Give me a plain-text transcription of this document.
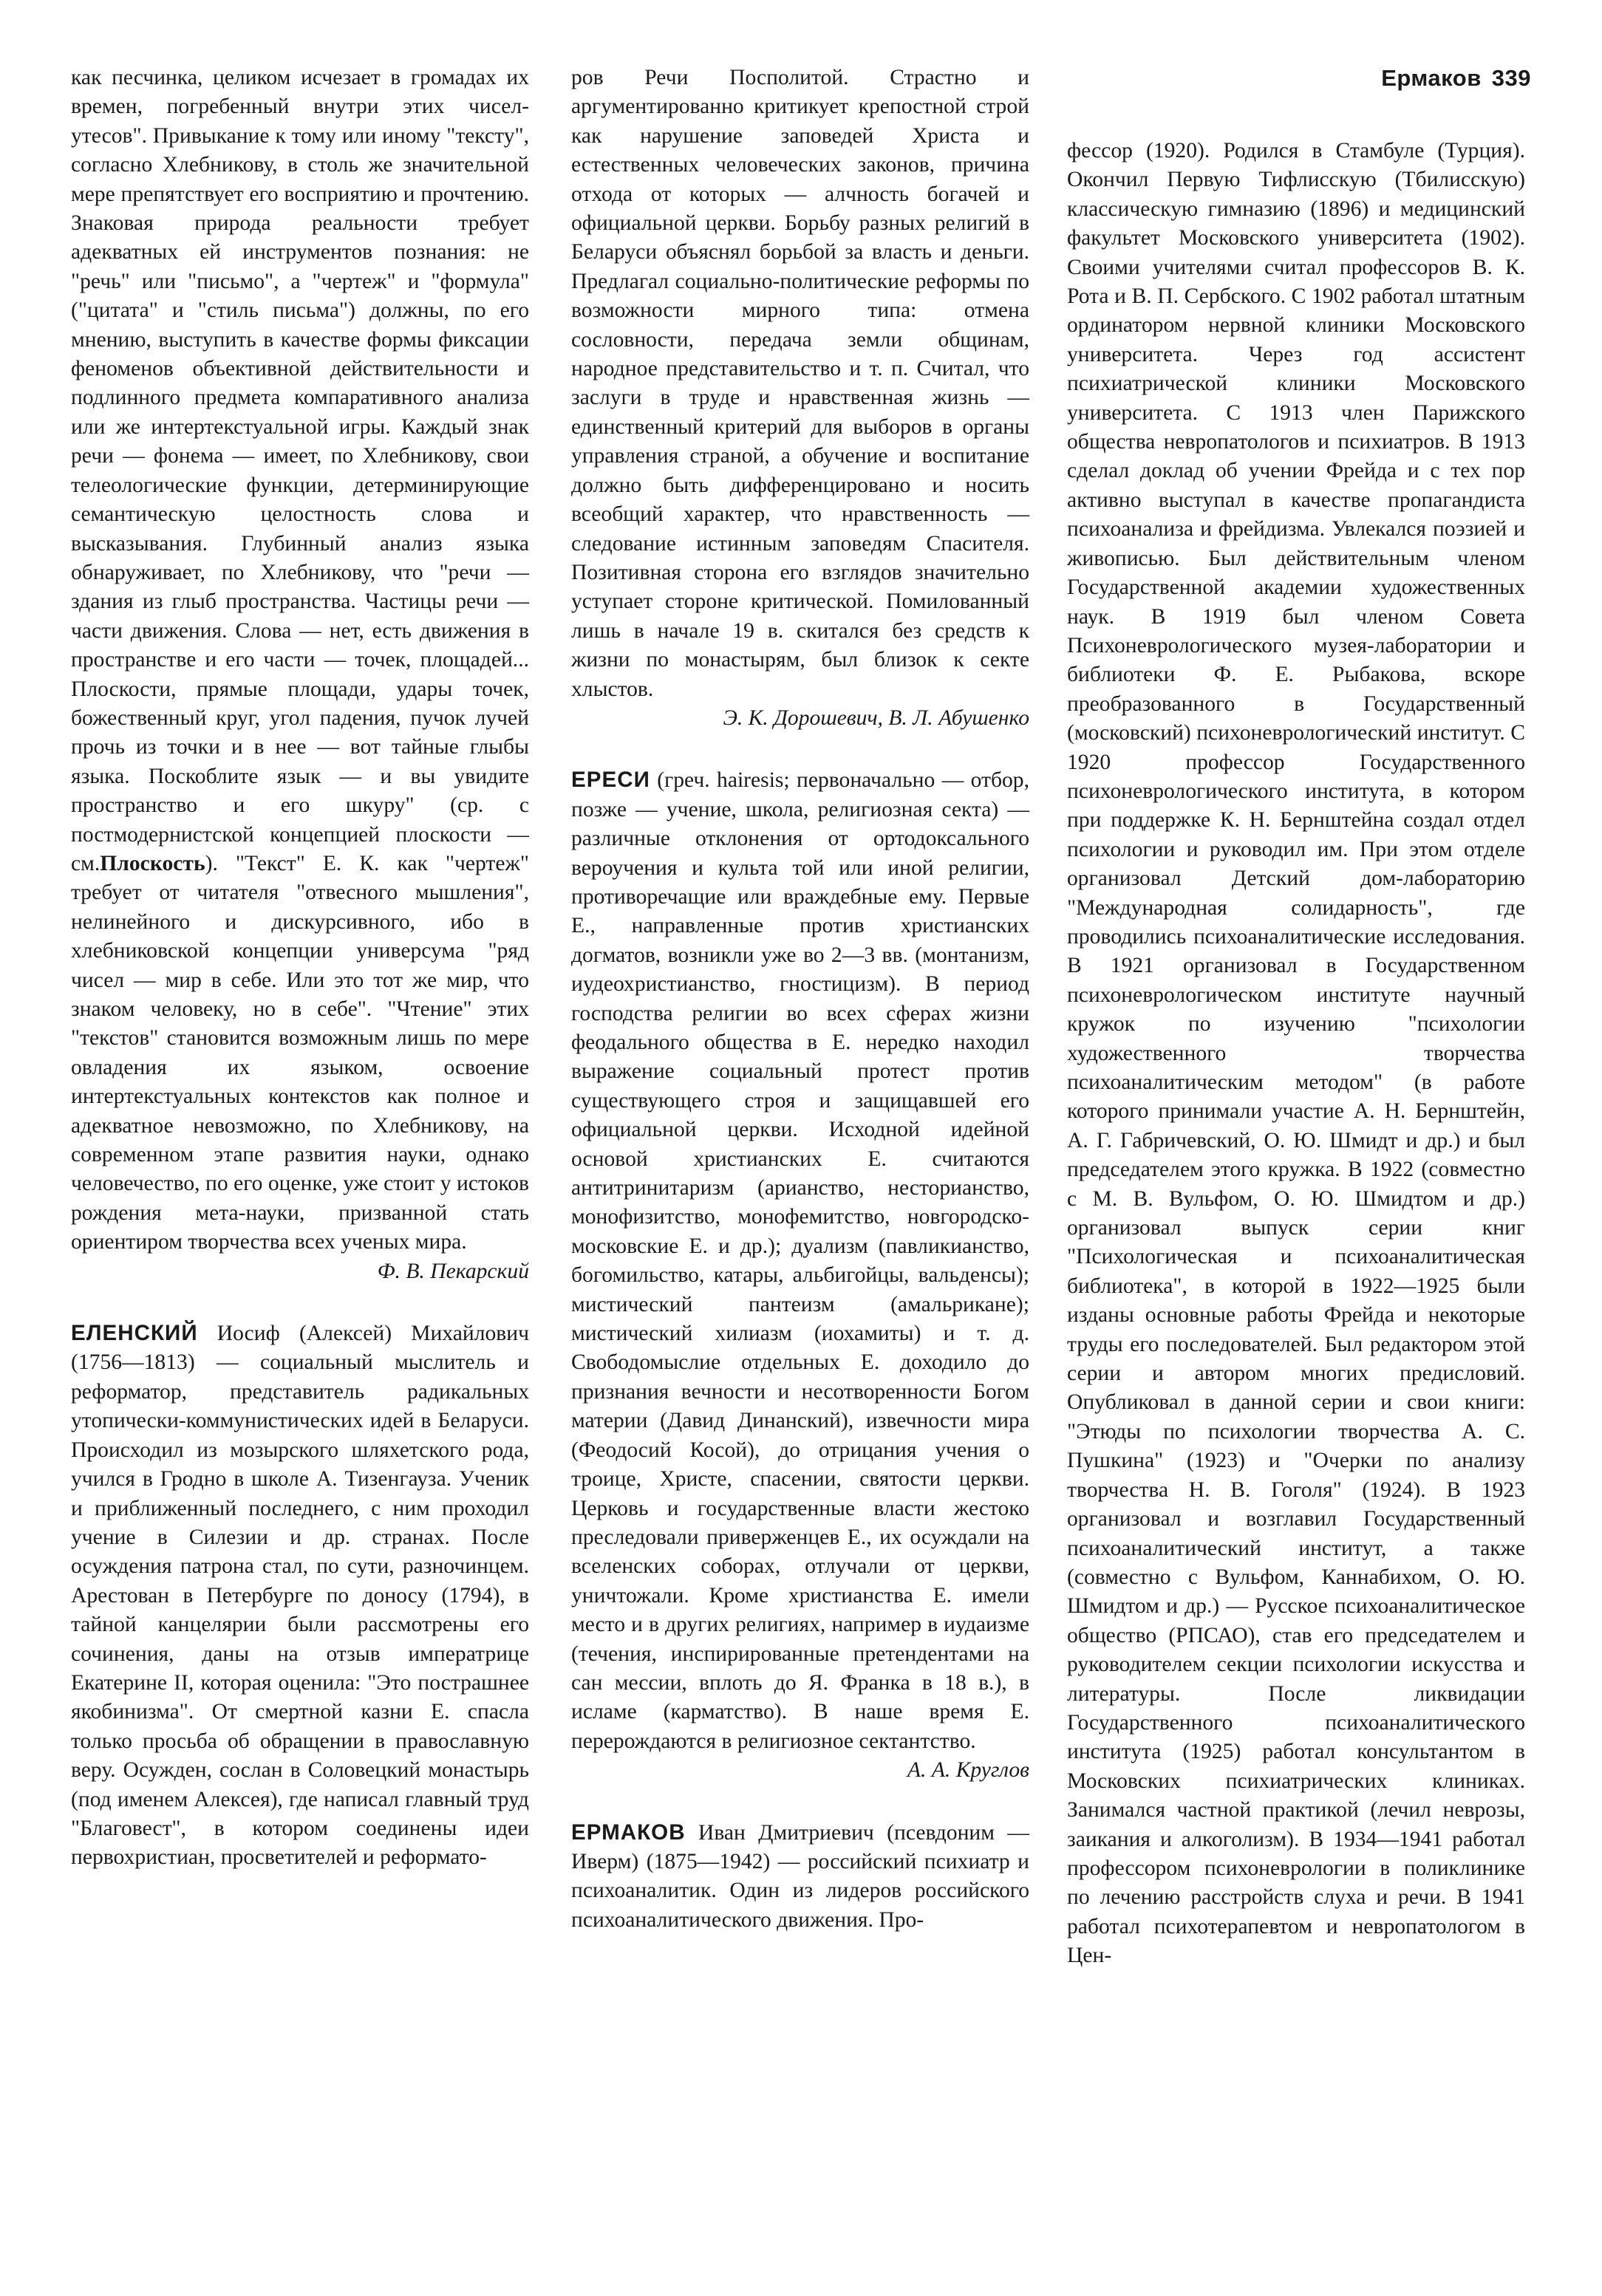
Ермаков 339

как песчинка, целиком исчезает в громадах их времен, погребенный внутри этих чисел-утесов". Привыкание к тому или иному "тексту", согласно Хлебникову, в столь же значительной мере препятствует его восприятию и прочтению. Знаковая природа реальности требует адекватных ей инструментов познания: не "речь" или "письмо", а "чертеж" и "формула" ("цитата" и "стиль письма") должны, по его мнению, выступить в качестве формы фиксации феноменов объективной действительности и подлинного предмета компаративного анализа или же интертекстуальной игры. Каждый знак речи — фонема — имеет, по Хлебникову, свои телеологические функции, детерминирующие семантическую целостность слова и высказывания. Глубинный анализ языка обнаруживает, по Хлебникову, что "речи — здания из глыб пространства. Частицы речи — части движения. Слова — нет, есть движения в пространстве и его части — точек, площадей... Плоскости, прямые площади, удары точек, божественный круг, угол падения, пучок лучей прочь из точки и в нее — вот тайные глыбы языка. Поскоблите язык — и вы увидите пространство и его шкуру" (ср. с постмодернистской концепцией плоскости — см.Плоскость). "Текст" Е. К. как "чертеж" требует от читателя "отвесного мышления", нелинейного и дискурсивного, ибо в хлебниковской концепции универсума "ряд чисел — мир в себе. Или это тот же мир, что знаком человеку, но в себе". "Чтение" этих "текстов" становится возможным лишь по мере овладения их языком, освоение интертекстуальных контекстов как полное и адекватное невозможно, по Хлебникову, на современном этапе развития науки, однако человечество, по его оценке, уже стоит у истоков рождения мета-науки, призванной стать ориентиром творчества всех ученых мира.

Ф. В. Пекарский

ЕЛЕНСКИЙ Иосиф (Алексей) Михайлович (1756—1813) — социальный мыслитель и реформатор, представитель радикальных утопически-коммунистических идей в Беларуси. Происходил из мозырского шляхетского рода, учился в Гродно в школе А. Тизенгауза. Ученик и приближенный последнего, с ним проходил учение в Силезии и др. странах. После осуждения патрона стал, по сути, разночинцем. Арестован в Петербурге по доносу (1794), в тайной канцелярии были рассмотрены его сочинения, даны на отзыв императрице Екатерине II, которая оценила: "Это пострашнее якобинизма". От смертной казни Е. спасла только просьба об обращении в православную веру. Осужден, сослан в Соловецкий монастырь (под именем Алексея), где написал главный труд "Благовест", в котором соединены идеи первохристиан, просветителей и реформато-

ров Речи Посполитой. Страстно и аргументированно критикует крепостной строй как нарушение заповедей Христа и естественных человеческих законов, причина отхода от которых — алчность богачей и официальной церкви. Борьбу разных религий в Беларуси объяснял борьбой за власть и деньги. Предлагал социально-политические реформы по возможности мирного типа: отмена сословности, передача земли общинам, народное представительство и т. п. Считал, что заслуги в труде и нравственная жизнь — единственный критерий для выборов в органы управления страной, а обучение и воспитание должно быть дифференцировано и носить всеобщий характер, что нравственность — следование истинным заповедям Спасителя. Позитивная сторона его взглядов значительно уступает стороне критической. Помилованный лишь в начале 19 в. скитался без средств к жизни по монастырям, был близок к секте хлыстов.

Э. К. Дорошевич, В. Л. Абушенко

ЕРЕСИ (греч. hairesis; первоначально — отбор, позже — учение, школа, религиозная секта) — различные отклонения от ортодоксального вероучения и культа той или иной религии, противоречащие или враждебные ему. Первые Е., направленные против христианских догматов, возникли уже во 2—3 вв. (монтанизм, иудеохристианство, гностицизм). В период господства религии во всех сферах жизни феодального общества в Е. нередко находил выражение социальный протест против существующего строя и защищавшей его официальной церкви. Исходной идейной основой христианских Е. считаются антитринитаризм (арианство, несторианство, монофизитство, монофемитство, новгородско-московские Е. и др.); дуализм (павликианство, богомильство, катары, альбигойцы, вальденсы); мистический пантеизм (амальрикане); мистический хилиазм (иохамиты) и т. д. Свободомыслие отдельных Е. доходило до признания вечности и несотворенности Богом материи (Давид Динанский), извечности мира (Феодосий Косой), до отрицания учения о троице, Христе, спасении, святости церкви. Церковь и государственные власти жестоко преследовали приверженцев Е., их осуждали на вселенских соборах, отлучали от церкви, уничтожали. Кроме христианства Е. имели место и в других религиях, например в иудаизме (течения, инспирированные претендентами на сан мессии, вплоть до Я. Франка в 18 в.), в исламе (карматство). В наше время Е. перерождаются в религиозное сектантство.

А. А. Круглов

ЕРМАКОВ Иван Дмитриевич (псевдоним — Иверм) (1875—1942) — российский психиатр и психоаналитик. Один из лидеров российского психоаналитического движения. Про-

фессор (1920). Родился в Стамбуле (Турция). Окончил Первую Тифлисскую (Тбилисскую) классическую гимназию (1896) и медицинский факультет Московского университета (1902). Своими учителями считал профессоров В. К. Рота и В. П. Сербского. С 1902 работал штатным ординатором нервной клиники Московского университета. Через год ассистент психиатрической клиники Московского университета. С 1913 член Парижского общества невропатологов и психиатров. В 1913 сделал доклад об учении Фрейда и с тех пор активно выступал в качестве пропагандиста психоанализа и фрейдизма. Увлекался поэзией и живописью. Был действительным членом Государственной академии художественных наук. В 1919 был членом Совета Психоневрологического музея-лаборатории и библиотеки Ф. Е. Рыбакова, вскоре преобразованного в Государственный (московский) психоневрологический институт. С 1920 профессор Государственного психоневрологического института, в котором при поддержке К. Н. Бернштейна создал отдел психологии и руководил им. При этом отделе организовал Детский дом-лабораторию "Международная солидарность", где проводились психоаналитические исследования. В 1921 организовал в Государственном психоневрологическом институте научный кружок по изучению "психологии художественного творчества психоаналитическим методом" (в работе которого принимали участие А. Н. Бернштейн, А. Г. Габричевский, О. Ю. Шмидт и др.) и был председателем этого кружка. В 1922 (совместно с М. В. Вульфом, О. Ю. Шмидтом и др.) организовал выпуск серии книг "Психологическая и психоаналитическая библиотека", в которой в 1922—1925 были изданы основные работы Фрейда и некоторые труды его последователей. Был редактором этой серии и автором многих предисловий. Опубликовал в данной серии и свои книги: "Этюды по психологии творчества А. С. Пушкина" (1923) и "Очерки по анализу творчества Н. В. Гоголя" (1924). В 1923 организовал и возглавил Государственный психоаналитический институт, а также (совместно с Вульфом, Каннабихом, О. Ю. Шмидтом и др.) — Русское психоаналитическое общество (РПСАО), став его председателем и руководителем секции психологии искусства и литературы. После ликвидации Государственного психоаналитического института (1925) работал консультантом в Московских психиатрических клиниках. Занимался частной практикой (лечил неврозы, заикания и алкоголизм). В 1934—1941 работал профессором психоневрологии в поликлинике по лечению расстройств слуха и речи. В 1941 работал психотерапевтом и невропатологом в Цен-
